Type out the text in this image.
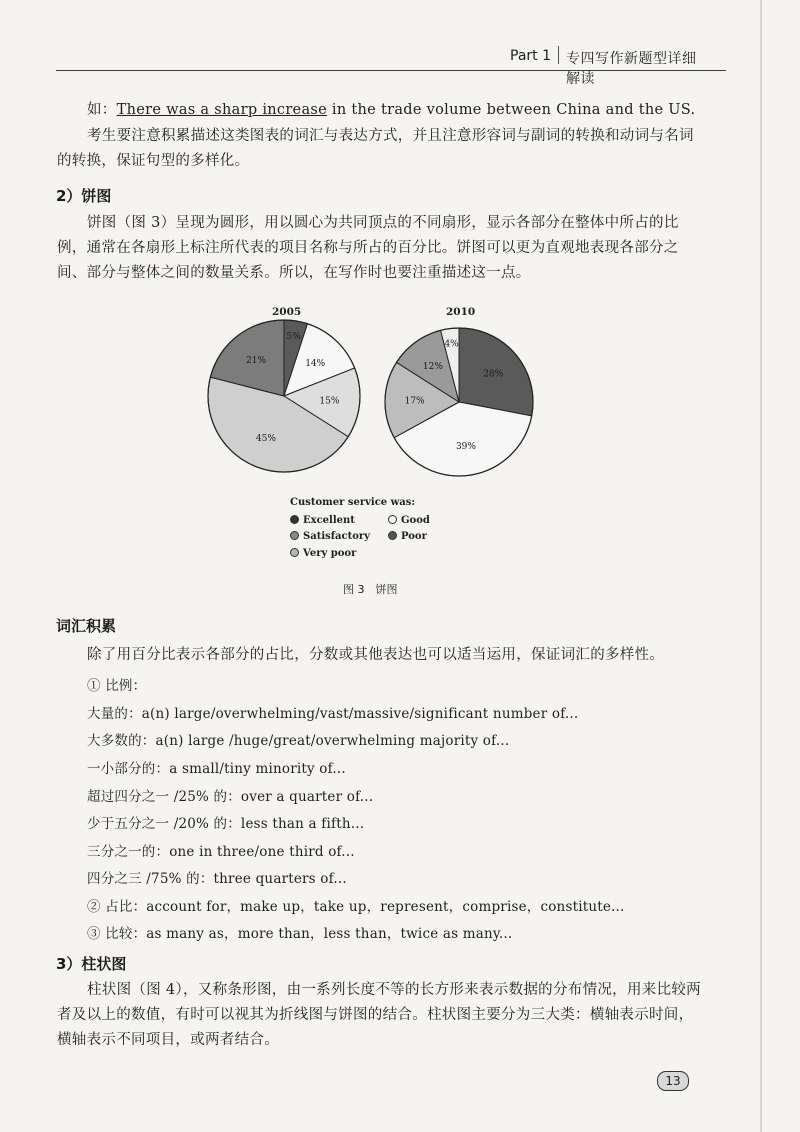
Part 1 专四写作新题型详细解读
如：There was a sharp increase in the trade volume between China and the US.
考生要注意积累描述这类图表的词汇与表达方式，并且注意形容词与副词的转换和动词与名词的转换，保证句型的多样化。
2）饼图
饼图（图 3）呈现为圆形，用以圆心为共同顶点的不同扇形，显示各部分在整体中所占的比例，通常在各扇形上标注所代表的项目名称与所占的百分比。饼图可以更为直观地表现各部分之间、部分与整体之间的数量关系。所以，在写作时也要注重描述这一点。
2005	2010
5%
14%
15%
45%
21%
28%
39%
17%
12%
4%
Customer service was:
Excellent	Good
Satisfactory	Poor
Very poor
图 3　饼图
词汇积累
除了用百分比表示各部分的占比，分数或其他表达也可以适当运用，保证词汇的多样性。
① 比例：
大量的：a(n) large/overwhelming/vast/massive/significant number of...
大多数的：a(n) large /huge/great/overwhelming majority of...
一小部分的：a small/tiny minority of...
超过四分之一 /25% 的：over a quarter of...
少于五分之一 /20% 的：less than a fifth...
三分之一的：one in three/one third of...
四分之三 /75% 的：three quarters of...
② 占比：account for，make up，take up，represent，comprise，constitute...
③ 比较：as many as，more than，less than，twice as many...
3）柱状图
柱状图（图 4），又称条形图，由一系列长度不等的长方形来表示数据的分布情况，用来比较两者及以上的数值，有时可以视其为折线图与饼图的结合。柱状图主要分为三大类：横轴表示时间，横轴表示不同项目，或两者结合。
13
